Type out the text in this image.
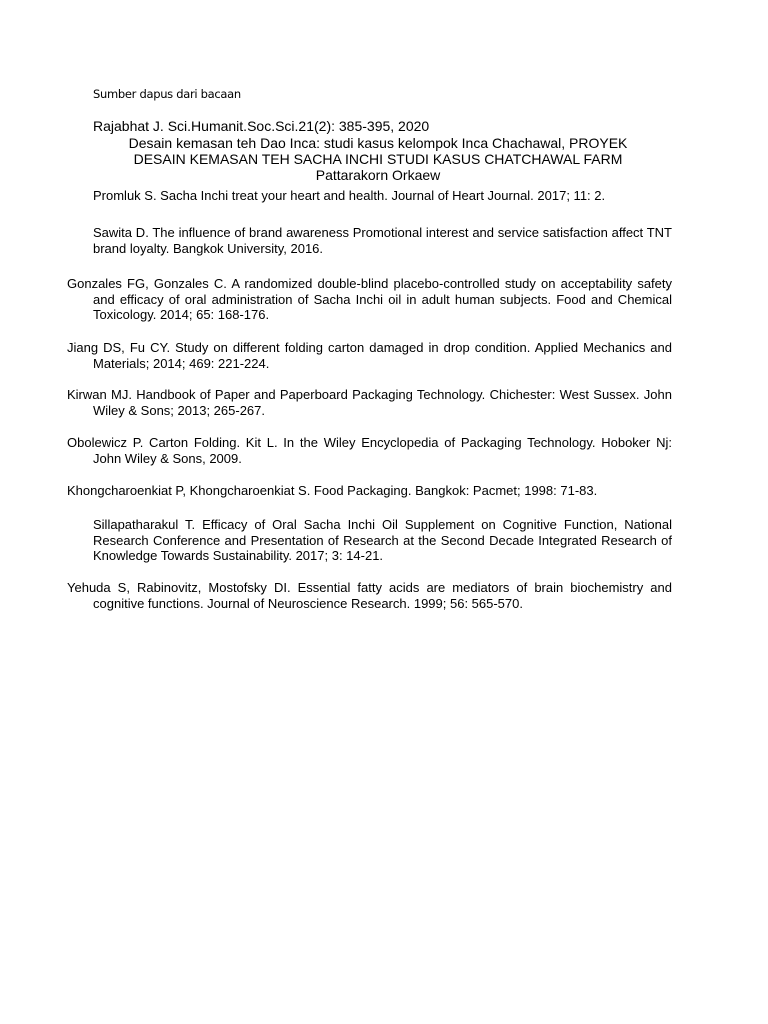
Sumber dapus dari bacaan
Rajabhat J. Sci.Humanit.Soc.Sci.21(2): 385-395, 2020
Desain kemasan teh Dao Inca: studi kasus kelompok Inca Chachawal, PROYEK
DESAIN KEMASAN TEH SACHA INCHI STUDI KASUS CHATCHAWAL FARM
Pattarakorn Orkaew
Promluk S. Sacha Inchi treat your heart and health. Journal of Heart Journal. 2017; 11: 2.
Sawita D. The influence of brand awareness Promotional interest and service satisfaction affect TNT brand loyalty. Bangkok University, 2016.
Gonzales FG, Gonzales C. A randomized double-blind placebo-controlled study on acceptability safety and efficacy of oral administration of Sacha Inchi oil in adult human subjects. Food and Chemical Toxicology. 2014; 65: 168-176.
Jiang DS, Fu CY. Study on different folding carton damaged in drop condition. Applied Mechanics and Materials; 2014; 469: 221-224.
Kirwan MJ. Handbook of Paper and Paperboard Packaging Technology. Chichester: West Sussex. John Wiley & Sons; 2013; 265-267.
Obolewicz P. Carton Folding. Kit L. In the Wiley Encyclopedia of Packaging Technology. Hoboker Nj: John Wiley & Sons, 2009.
Khongcharoenkiat P, Khongcharoenkiat S. Food Packaging. Bangkok: Pacmet; 1998: 71-83.
Sillapatharakul T. Efficacy of Oral Sacha Inchi Oil Supplement on Cognitive Function, National Research Conference and Presentation of Research at the Second Decade Integrated Research of Knowledge Towards Sustainability. 2017; 3: 14-21.
Yehuda S, Rabinovitz, Mostofsky DI. Essential fatty acids are mediators of brain biochemistry and cognitive functions. Journal of Neuroscience Research. 1999; 56: 565-570.
